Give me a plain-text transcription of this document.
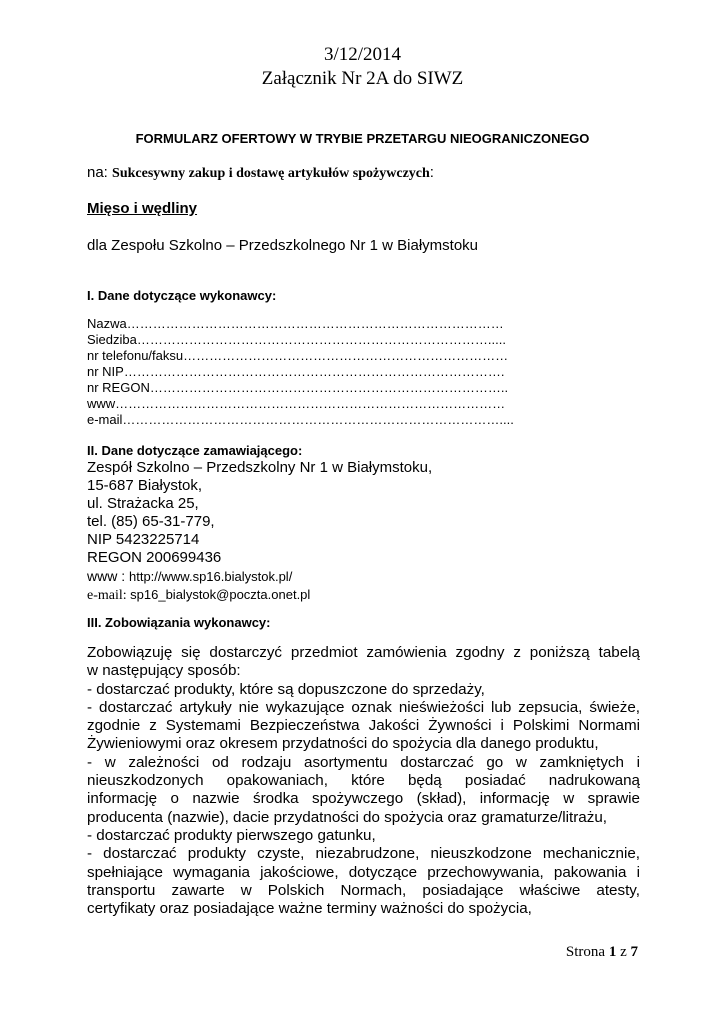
3/12/2014
Załącznik Nr 2A do SIWZ
FORMULARZ OFERTOWY W TRYBIE PRZETARGU NIEOGRANICZONEGO
na: Sukcesywny zakup i dostawę artykułów spożywczych:
Mięso i wędliny
dla Zespołu Szkolno – Przedszkolnego Nr 1 w Białymstoku
I. Dane dotyczące wykonawcy:
Nazwa……………………………………………………………………………
Siedziba……………………………………………………………………….....
nr telefonu/faksu…………………………………………………………………
nr NIP…………………………………………………………………………….
nr REGON………………………………………………………………………..
www………………………………………………………………………………
e-mail……………………………………………………………………………....
II. Dane dotyczące zamawiającego:
Zespół Szkolno – Przedszkolny Nr 1 w Białymstoku,
15-687 Białystok,
ul. Strażacka 25,
tel. (85) 65-31-779,
NIP 5423225714
REGON 200699436
www : http://www.sp16.bialystok.pl/
e-mail: sp16_bialystok@poczta.onet.pl
III. Zobowiązania wykonawcy:
Zobowiązuję się dostarczyć przedmiot zamówienia zgodny z poniższą tabelą
w następujący sposób:
- dostarczać produkty, które są dopuszczone do sprzedaży,
- dostarczać artykuły nie wykazujące oznak nieświeżości lub zepsucia, świeże,
zgodnie z Systemami Bezpieczeństwa Jakości Żywności i Polskimi Normami
Żywieniowymi oraz okresem przydatności do spożycia dla danego produktu,
- w zależności od rodzaju asortymentu dostarczać go w zamkniętych i
nieuszkodzonych opakowaniach, które będą posiadać nadrukowaną
informację o nazwie środka spożywczego (skład), informację w sprawie
producenta (nazwie), dacie przydatności do spożycia oraz gramaturze/litrażu,
- dostarczać produkty pierwszego gatunku,
- dostarczać produkty czyste, niezabrudzone, nieuszkodzone mechanicznie,
spełniające wymagania jakościowe, dotyczące przechowywania, pakowania i
transportu zawarte w Polskich Normach, posiadające właściwe atesty,
certyfikaty oraz posiadające ważne terminy ważności do spożycia,
Strona 1 z 7
